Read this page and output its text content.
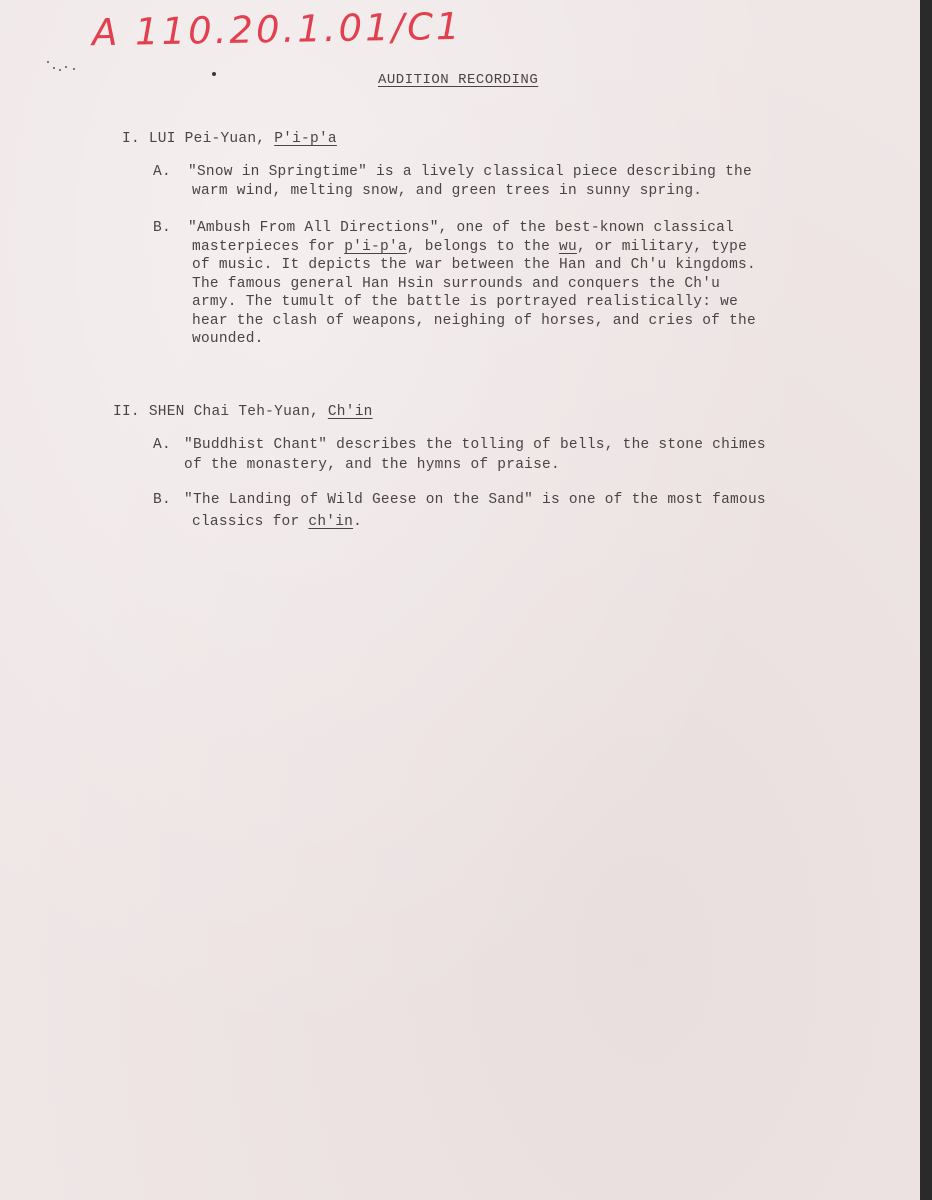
A 110.20.1.01/C1
AUDITION RECORDING
I. LUI Pei-Yuan, P'i-p'a
A. "Snow in Springtime" is a lively classical piece describing the
warm wind, melting snow, and green trees in sunny spring.
B. "Ambush From All Directions", one of the best-known classical
masterpieces for p'i-p'a, belongs to the wu, or military, type
of music. It depicts the war between the Han and Ch'u kingdoms.
The famous general Han Hsin surrounds and conquers the Ch'u
army. The tumult of the battle is portrayed realistically: we
hear the clash of weapons, neighing of horses, and cries of the
wounded.
II. SHEN Chai Teh-Yuan, Ch'in
A. "Buddhist Chant" describes the tolling of bells, the stone chimes
of the monastery, and the hymns of praise.
B. "The Landing of Wild Geese on the Sand" is one of the most famous
classics for ch'in.
